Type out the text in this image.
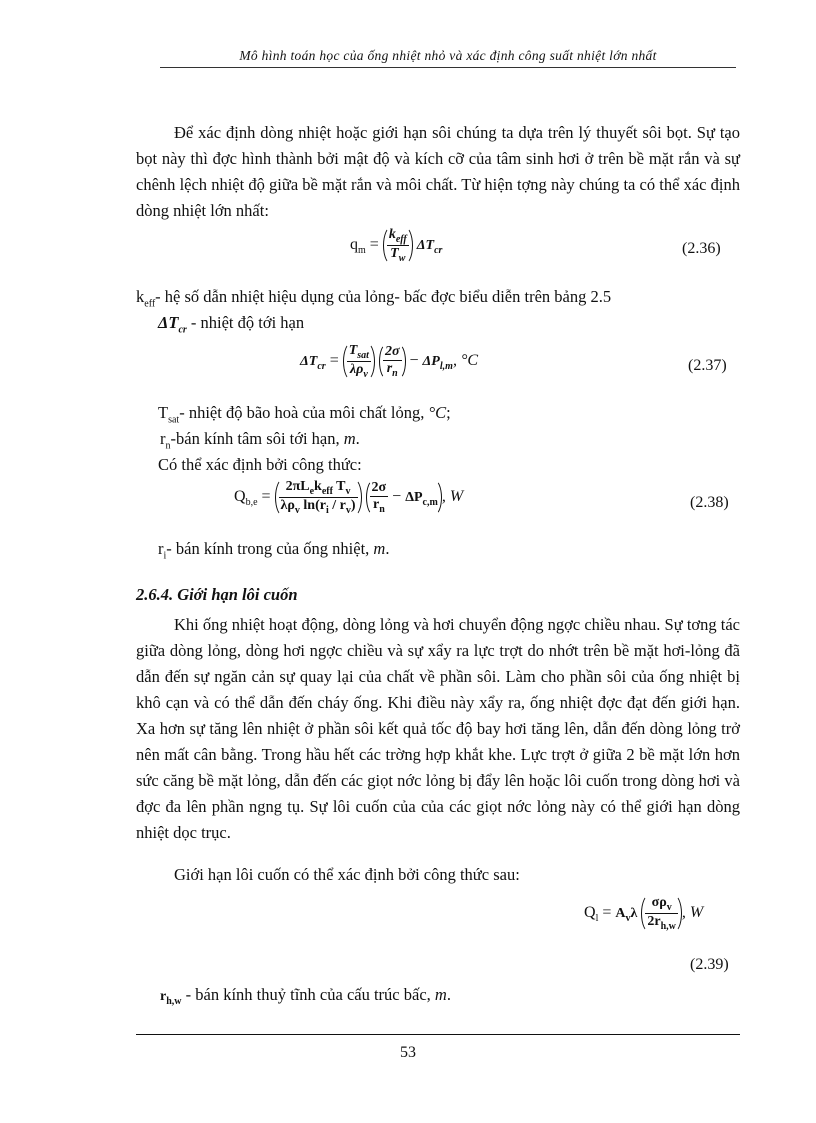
Mô hình toán học của ống nhiệt nhỏ và xác định công suất nhiệt lớn nhất

Để xác định dòng nhiệt hoặc giới hạn sôi chúng ta dựa trên lý thuyết sôi bọt. Sự tạo bọt này thì đợc hình thành bởi mật độ và kích cỡ của tâm sinh hơi ở trên bề mặt rắn và sự chênh lệch nhiệt độ giữa bề mặt rắn và môi chất. Từ hiện tợng này chúng ta có thể xác định dòng nhiệt lớn nhất:

$q_m = \frac{k_{eff}}{T_w} \Delta T_{cr}$	(2.36)
$k_{eff}-$ hệ số dẫn nhiệt hiệu dụng của lỏng- bấc đợc biểu diễn trên bảng 2.5
$\Delta T_{cr}$ - nhiệt độ tới hạn
$\Delta T_{cr} = \frac{T_{sat}}{\lambda\rho_v}$
$\frac{2\sigma}{r_n} - \Delta P_{l,m}$, °C	(2.37)
$T_{sat}-$ nhiệt độ bão hoà của môi chất lỏng, °C;
$r_n$-bán kính tâm sôi tới hạn, m.
Có thể xác định bởi công thức:
$Q_{b,e} = \frac{2\pi L_ek_{eff} T_v}{\lambda\rho_v \ln(r_i / r_v)}$
$\frac{2\sigma}{r_n} - \Delta P_{c,m}$ , W	(2.38)
$r_i-$ bán kính trong của ống nhiệt, m.
2.6.4. Giới hạn lôi cuốn

Khi ống nhiệt hoạt động, dòng lỏng và hơi chuyển động ngợc chiều nhau. Sự tơng tác giữa dòng lỏng, dòng hơi ngợc chiều và sự xẩy ra lực trợt do nhớt trên bề mặt hơi-lỏng đã dẫn đến sự ngăn cản sự quay lại của chất về phần sôi. Làm cho phần sôi của ống nhiệt bị khô cạn và có thể dẫn đến cháy ống. Khi điều này xẩy ra, ống nhiệt đợc đạt đến giới hạn. Xa hơn sự tăng lên nhiệt ở phần sôi kết quả tốc độ bay hơi tăng lên, dẫn đến dòng lỏng trở nên mất cân bằng. Trong hầu hết các trờng hợp khắt khe. Lực trợt ở giữa 2 bề mặt lớn hơn sức căng bề mặt lỏng, dẫn đến các giọt nớc lỏng bị đẩy lên hoặc lôi cuốn trong dòng hơi và đợc đa lên phần ngng tụ. Sự lôi cuốn của của các giọt nớc lỏng này có thể giới hạn dòng nhiệt dọc trục.

Giới hạn lôi cuốn có thể xác định bởi công thức sau:

$Q_l = A_v\lambda \frac{\sigma\rho_v}{2r_{h,w}}$ , W
(2.39)
$r_{h,w}$ - bán kính thuỷ tĩnh của cấu trúc bấc, m.
53
